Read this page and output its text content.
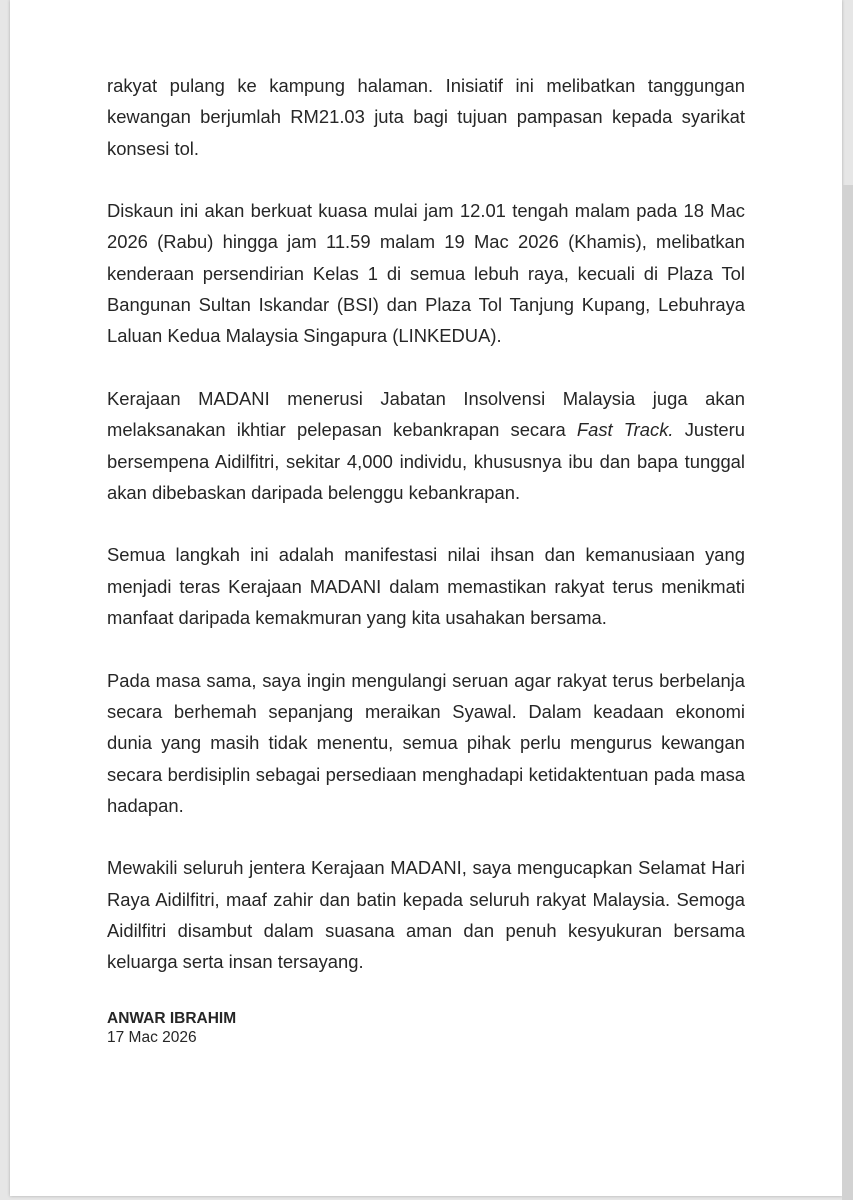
rakyat pulang ke kampung halaman. Inisiatif ini melibatkan tanggungan kewangan berjumlah RM21.03 juta bagi tujuan pampasan kepada syarikat konsesi tol.

Diskaun ini akan berkuat kuasa mulai jam 12.01 tengah malam pada 18 Mac 2026 (Rabu) hingga jam 11.59 malam 19 Mac 2026 (Khamis), melibatkan kenderaan persendirian Kelas 1 di semua lebuh raya, kecuali di Plaza Tol Bangunan Sultan Iskandar (BSI) dan Plaza Tol Tanjung Kupang, Lebuhraya Laluan Kedua Malaysia Singapura (LINKEDUA).

Kerajaan MADANI menerusi Jabatan Insolvensi Malaysia juga akan melaksanakan ikhtiar pelepasan kebankrapan secara Fast Track. Justeru bersempena Aidilfitri, sekitar 4,000 individu, khususnya ibu dan bapa tunggal akan dibebaskan daripada belenggu kebankrapan.

Semua langkah ini adalah manifestasi nilai ihsan dan kemanusiaan yang menjadi teras Kerajaan MADANI dalam memastikan rakyat terus menikmati manfaat daripada kemakmuran yang kita usahakan bersama.

Pada masa sama, saya ingin mengulangi seruan agar rakyat terus berbelanja secara berhemah sepanjang meraikan Syawal. Dalam keadaan ekonomi dunia yang masih tidak menentu, semua pihak perlu mengurus kewangan secara berdisiplin sebagai persediaan menghadapi ketidaktentuan pada masa hadapan.

Mewakili seluruh jentera Kerajaan MADANI, saya mengucapkan Selamat Hari Raya Aidilfitri, maaf zahir dan batin kepada seluruh rakyat Malaysia. Semoga Aidilfitri disambut dalam suasana aman dan penuh kesyukuran bersama keluarga serta insan tersayang.

ANWAR IBRAHIM
17 Mac 2026
